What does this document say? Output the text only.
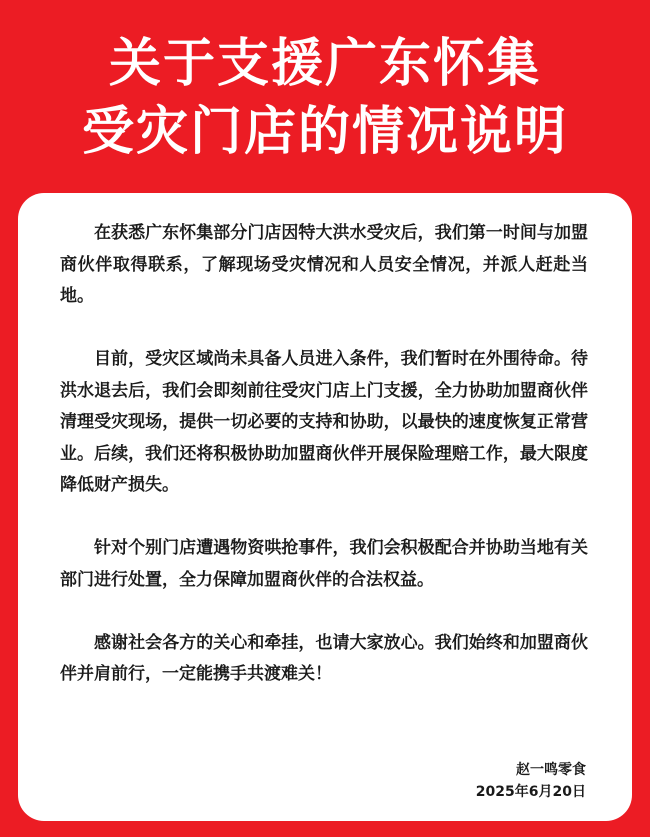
关于支援广东怀集
受灾门店的情况说明

在获悉广东怀集部分门店因特大洪水受灾后，我们第一时间与加盟商伙伴取得联系，了解现场受灾情况和人员安全情况，并派人赶赴当地。

目前，受灾区域尚未具备人员进入条件，我们暂时在外围待命。待洪水退去后，我们会即刻前往受灾门店上门支援，全力协助加盟商伙伴清理受灾现场，提供一切必要的支持和协助，以最快的速度恢复正常营业。后续，我们还将积极协助加盟商伙伴开展保险理赔工作，最大限度降低财产损失。

针对个别门店遭遇物资哄抢事件，我们会积极配合并协助当地有关部门进行处置，全力保障加盟商伙伴的合法权益。

感谢社会各方的关心和牵挂，也请大家放心。我们始终和加盟商伙伴并肩前行，一定能携手共渡难关！

赵一鸣零食
2025年6月20日
